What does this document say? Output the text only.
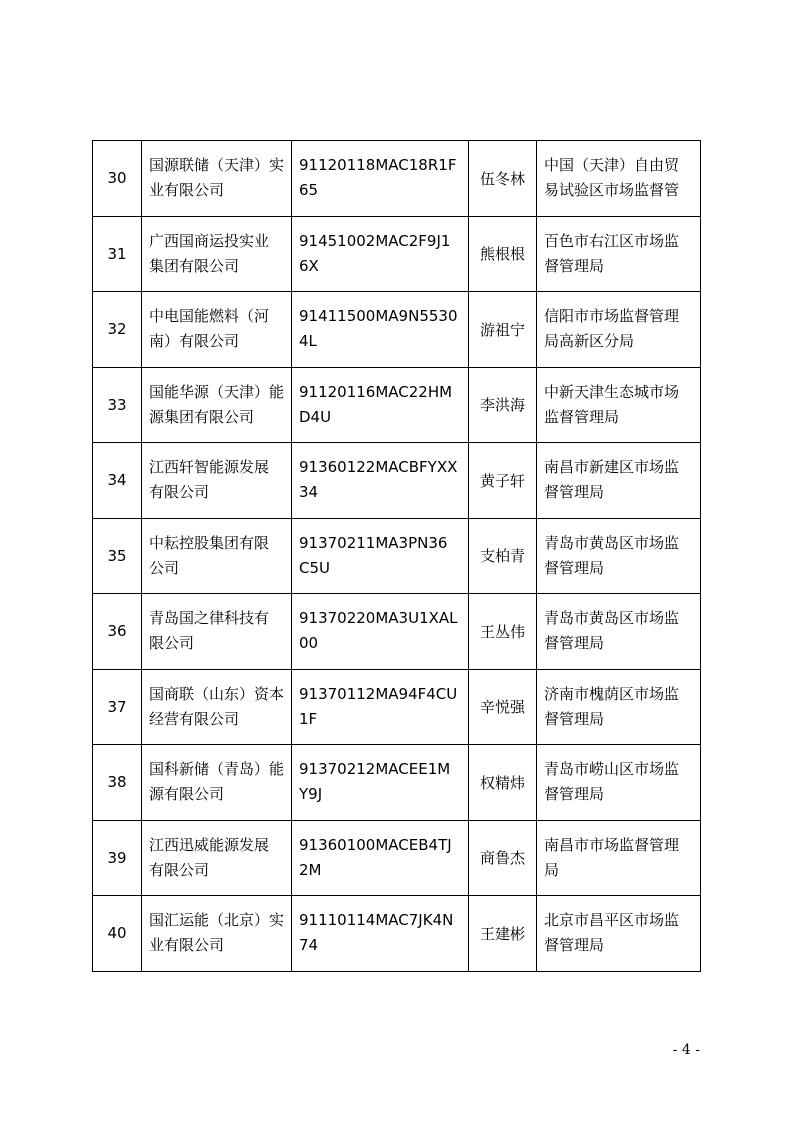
30	国源联储（天津）实
业有限公司	91120118MAC18R1F
65	伍冬林	中国（天津）自由贸
易试验区市场监督管

31	广西国商运投实业
集团有限公司	91451002MAC2F9J1
6X	熊根根	百色市右江区市场监
督管理局

32	中电国能燃料（河
南）有限公司	91411500MA9N5530
4L	游祖宁	信阳市市场监督管理
局高新区分局

33	国能华源（天津）能
源集团有限公司	91120116MAC22HM
D4U	李洪海	中新天津生态城市场
监督管理局

34	江西轩智能源发展
有限公司	91360122MACBFYXX
34	黄子轩	南昌市新建区市场监
督管理局

35	中耘控股集团有限
公司	91370211MA3PN36
C5U	支柏青	青岛市黄岛区市场监
督管理局

36	青岛国之律科技有
限公司	91370220MA3U1XAL
00	王丛伟	青岛市黄岛区市场监
督管理局

37	国商联（山东）资本
经营有限公司	91370112MA94F4CU
1F	辛悦强	济南市槐荫区市场监
督管理局

38	国科新储（青岛）能
源有限公司	91370212MACEE1M
Y9J	权精炜	青岛市崂山区市场监
督管理局

39	江西迅威能源发展
有限公司	91360100MACEB4TJ
2M	商鲁杰	南昌市市场监督管理
局

40	国汇运能（北京）实
业有限公司	91110114MAC7JK4N
74	王建彬	北京市昌平区市场监
督管理局
- 4 -
